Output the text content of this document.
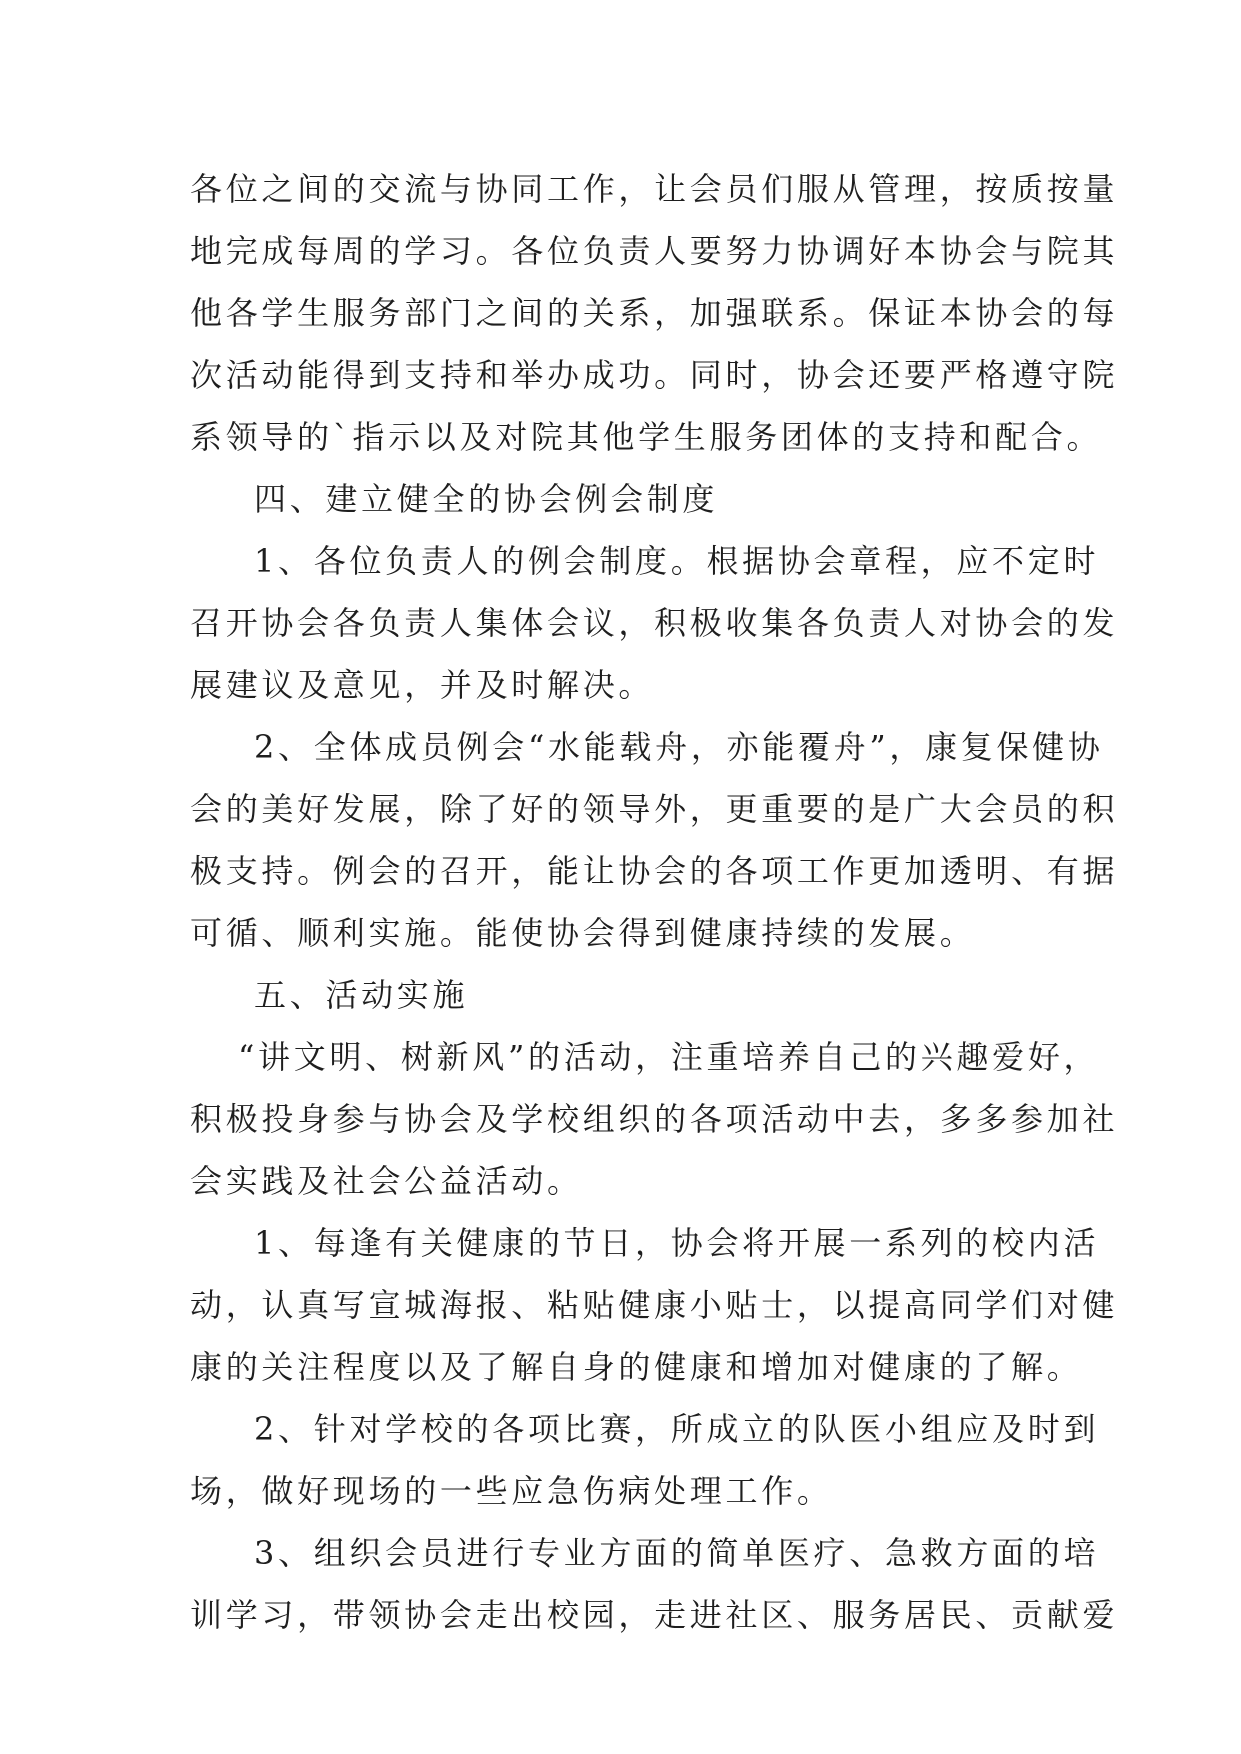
各位之间的交流与协同工作，让会员们服从管理，按质按量
地完成每周的学习。各位负责人要努力协调好本协会与院其
他各学生服务部门之间的关系，加强联系。保证本协会的每
次活动能得到支持和举办成功。同时，协会还要严格遵守院
系领导的`指示以及对院其他学生服务团体的支持和配合。
四、建立健全的协会例会制度
1、各位负责人的例会制度。根据协会章程，应不定时
召开协会各负责人集体会议，积极收集各负责人对协会的发
展建议及意见，并及时解决。
2、全体成员例会“水能载舟，亦能覆舟”，康复保健协
会的美好发展，除了好的领导外，更重要的是广大会员的积
极支持。例会的召开，能让协会的各项工作更加透明、有据
可循、顺利实施。能使协会得到健康持续的发展。
五、活动实施
“讲文明、树新风”的活动，注重培养自己的兴趣爱好，
积极投身参与协会及学校组织的各项活动中去，多多参加社
会实践及社会公益活动。
1、每逢有关健康的节日，协会将开展一系列的校内活
动，认真写宣城海报、粘贴健康小贴士，以提高同学们对健
康的关注程度以及了解自身的健康和增加对健康的了解。
2、针对学校的各项比赛，所成立的队医小组应及时到
场，做好现场的一些应急伤病处理工作。
3、组织会员进行专业方面的简单医疗、急救方面的培
训学习，带领协会走出校园，走进社区、服务居民、贡献爱
